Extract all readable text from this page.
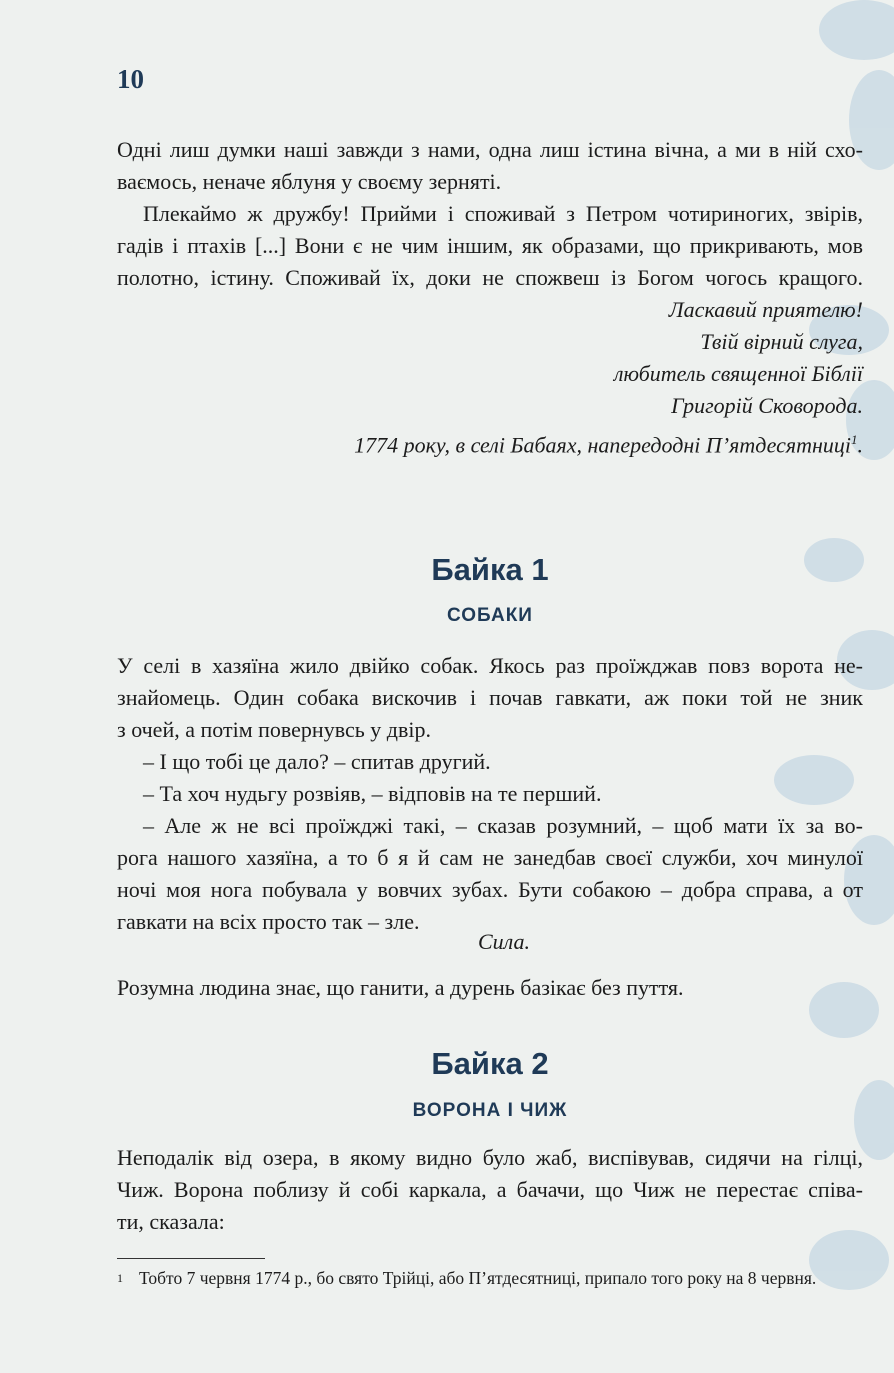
10
Одні лиш думки наші завжди з нами, одна лиш істина вічна, а ми в ній схо-
ваємось, неначе яблуня у своєму зерняті.
Плекаймо ж дружбу! Прийми і споживай з Петром чотириногих, звірів,
гадів і птахів [...] Вони є не чим іншим, як образами, що прикривають, мов
полотно, істину. Споживай їх, доки не спожвеш із Богом чогось кращого.
Ласкавий приятелю!
Твій вірний слуга,
любитель священної Біблії
Григорій Сковорода.
1774 року, в селі Бабаях, напередодні П’ятдесятниці$^1$.
Байка 1
СОБАКИ
У селі в хазяїна жило двійко собак. Якось раз проїжджав повз ворота не-
знайомець. Один собака вискочив і почав гавкати, аж поки той не зник
з очей, а потім повернувсь у двір.
– І що тобі це дало? – спитав другий.
– Та хоч нудьгу розвіяв, – відповів на те перший.
– Але ж не всі проїжджі такі, – сказав розумний, – щоб мати їх за во-
рога нашого хазяїна, а то б я й сам не занедбав своєї служби, хоч минулої
ночі моя нога побувала у вовчих зубах. Бути собакою – добра справа, а от
гавкати на всіх просто так – зле.
Сила.
Розумна людина знає, що ганити, а дурень базікає без пуття.
Байка 2
ВОРОНА І ЧИЖ
Неподалік від озера, в якому видно було жаб, виспівував, сидячи на гілці,
Чиж. Ворона поблизу й собі каркала, а бачачи, що Чиж не перестає співа-
ти, сказала:
$^1$ Тобто 7 червня 1774 р., бо свято Трійці, або П’ятдесятниці, припало того року на 8 червня.
